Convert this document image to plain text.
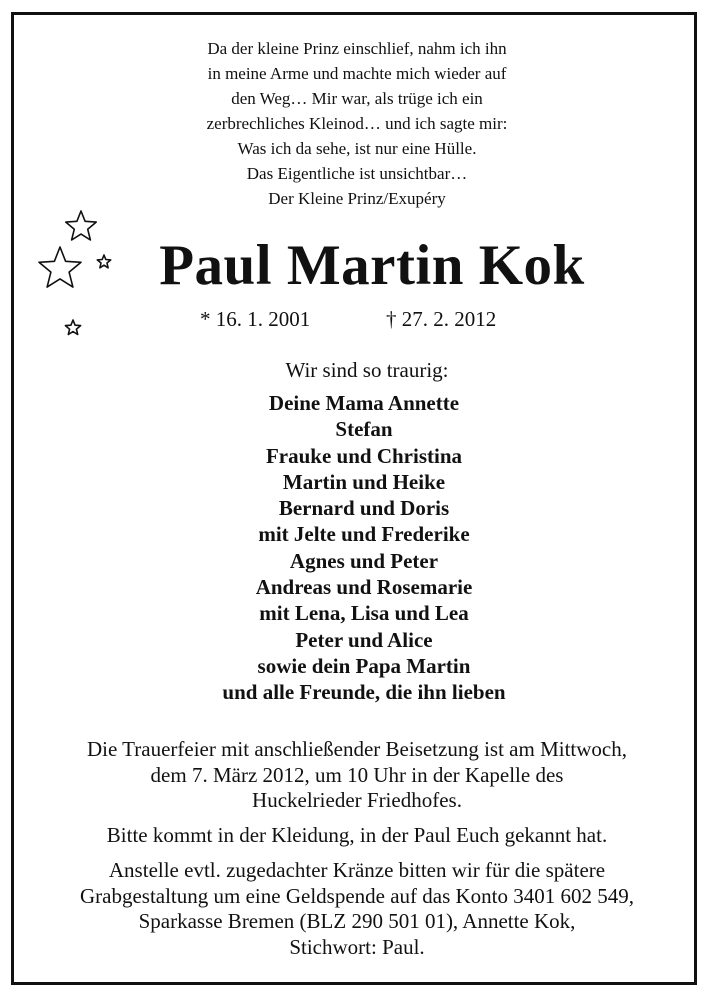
Da der kleine Prinz einschlief, nahm ich ihn
in meine Arme und machte mich wieder auf
den Weg… Mir war, als trüge ich ein
zerbrechliches Kleinod… und ich sagte mir:
Was ich da sehe, ist nur eine Hülle.
Das Eigentliche ist unsichtbar…
Der Kleine Prinz/Exupéry
Paul Martin Kok
* 16. 1. 2001	† 27. 2. 2012
Wir sind so traurig:
Deine Mama Annette
Stefan
Frauke und Christina
Martin und Heike
Bernard und Doris
mit Jelte und Frederike
Agnes und Peter
Andreas und Rosemarie
mit Lena, Lisa und Lea
Peter und Alice
sowie dein Papa Martin
und alle Freunde, die ihn lieben
Die Trauerfeier mit anschließender Beisetzung ist am Mittwoch,
dem 7. März 2012, um 10 Uhr in der Kapelle des
Huckelrieder Friedhofes.
Bitte kommt in der Kleidung, in der Paul Euch gekannt hat.
Anstelle evtl. zugedachter Kränze bitten wir für die spätere
Grabgestaltung um eine Geldspende auf das Konto 3401 602 549,
Sparkasse Bremen (BLZ 290 501 01), Annette Kok,
Stichwort: Paul.
